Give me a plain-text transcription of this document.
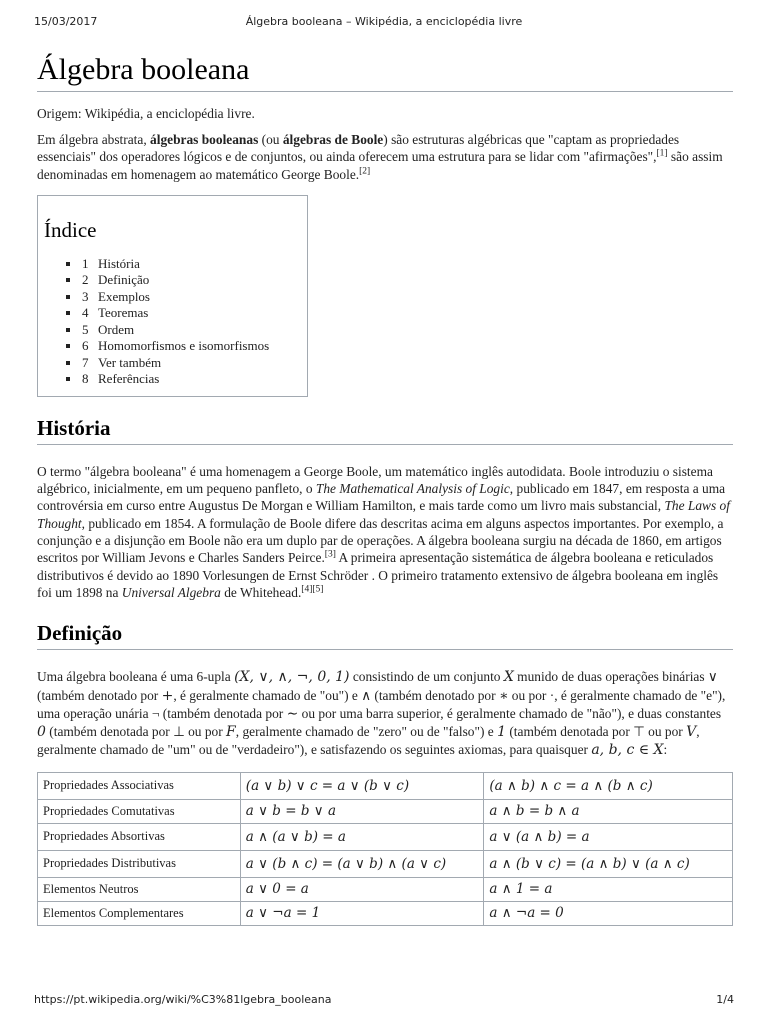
15/03/2017	Álgebra booleana – Wikipédia, a enciclopédia livre
Álgebra booleana
Origem: Wikipédia, a enciclopédia livre.

Em álgebra abstrata, álgebras booleanas (ou álgebras de Boole) são estruturas algébricas que "captam as propriedades essenciais" dos operadores lógicos e de conjuntos, ou ainda oferecem uma estrutura para se lidar com "afirmações",[1] são assim denominadas em homenagem ao matemático George Boole.[2]

Índice
1 História
2 Definição
3 Exemplos
4 Teoremas
5 Ordem
6 Homomorfismos e isomorfismos
7 Ver também
8 Referências
História

O termo "álgebra booleana" é uma homenagem a George Boole, um matemático inglês autodidata. Boole introduziu o sistema algébrico, inicialmente, em um pequeno panfleto, o The Mathematical Analysis of Logic, publicado em 1847, em resposta a uma controvérsia em curso entre Augustus De Morgan e William Hamilton, e mais tarde como um livro mais substancial, The Laws of Thought, publicado em 1854. A formulação de Boole difere das descritas acima em alguns aspectos importantes. Por exemplo, a conjunção e a disjunção em Boole não era um duplo par de operações. A álgebra booleana surgiu na década de 1860, em artigos escritos por William Jevons e Charles Sanders Peirce.[3] A primeira apresentação sistemática de álgebra booleana e reticulados distributivos é devido ao 1890 Vorlesungen de Ernst Schröder . O primeiro tratamento extensivo de álgebra booleana em inglês foi um 1898 na Universal Algebra de Whitehead.[4][5]

Definição

Uma álgebra booleana é uma 6-upla (X, ∨, ∧, ¬, 0, 1) consistindo de um conjunto X munido de duas operações binárias ∨ (também denotado por +, é geralmente chamado de "ou") e ∧ (também denotado por ∗ ou por ·, é geralmente chamado de "e"), uma operação unária ¬ (também denotada por ∼ ou por uma barra superior, é geralmente chamado de "não"), e duas constantes 0 (também denotada por ⊥ ou por F, geralmente chamado de "zero" ou de "falso") e 1 (também denotada por ⊤ ou por V, geralmente chamado de "um" ou de "verdadeiro"), e satisfazendo os seguintes axiomas, para quaisquer a, b, c ∈ X:

Propriedades Associativas	(a ∨ b) ∨ c = a ∨ (b ∨ c)	(a ∧ b) ∧ c = a ∧ (b ∧ c)
Propriedades Comutativas	a ∨ b = b ∨ a	a ∧ b = b ∧ a
Propriedades Absortivas	a ∧ (a ∨ b) = a	a ∨ (a ∧ b) = a
Propriedades Distributivas	a ∨ (b ∧ c) = (a ∨ b) ∧ (a ∨ c)	a ∧ (b ∨ c) = (a ∧ b) ∨ (a ∧ c)
Elementos Neutros	a ∨ 0 = a	a ∧ 1 = a
Elementos Complementares	a ∨ ¬a = 1	a ∧ ¬a = 0
https://pt.wikipedia.org/wiki/%C3%81lgebra_booleana	1/4
